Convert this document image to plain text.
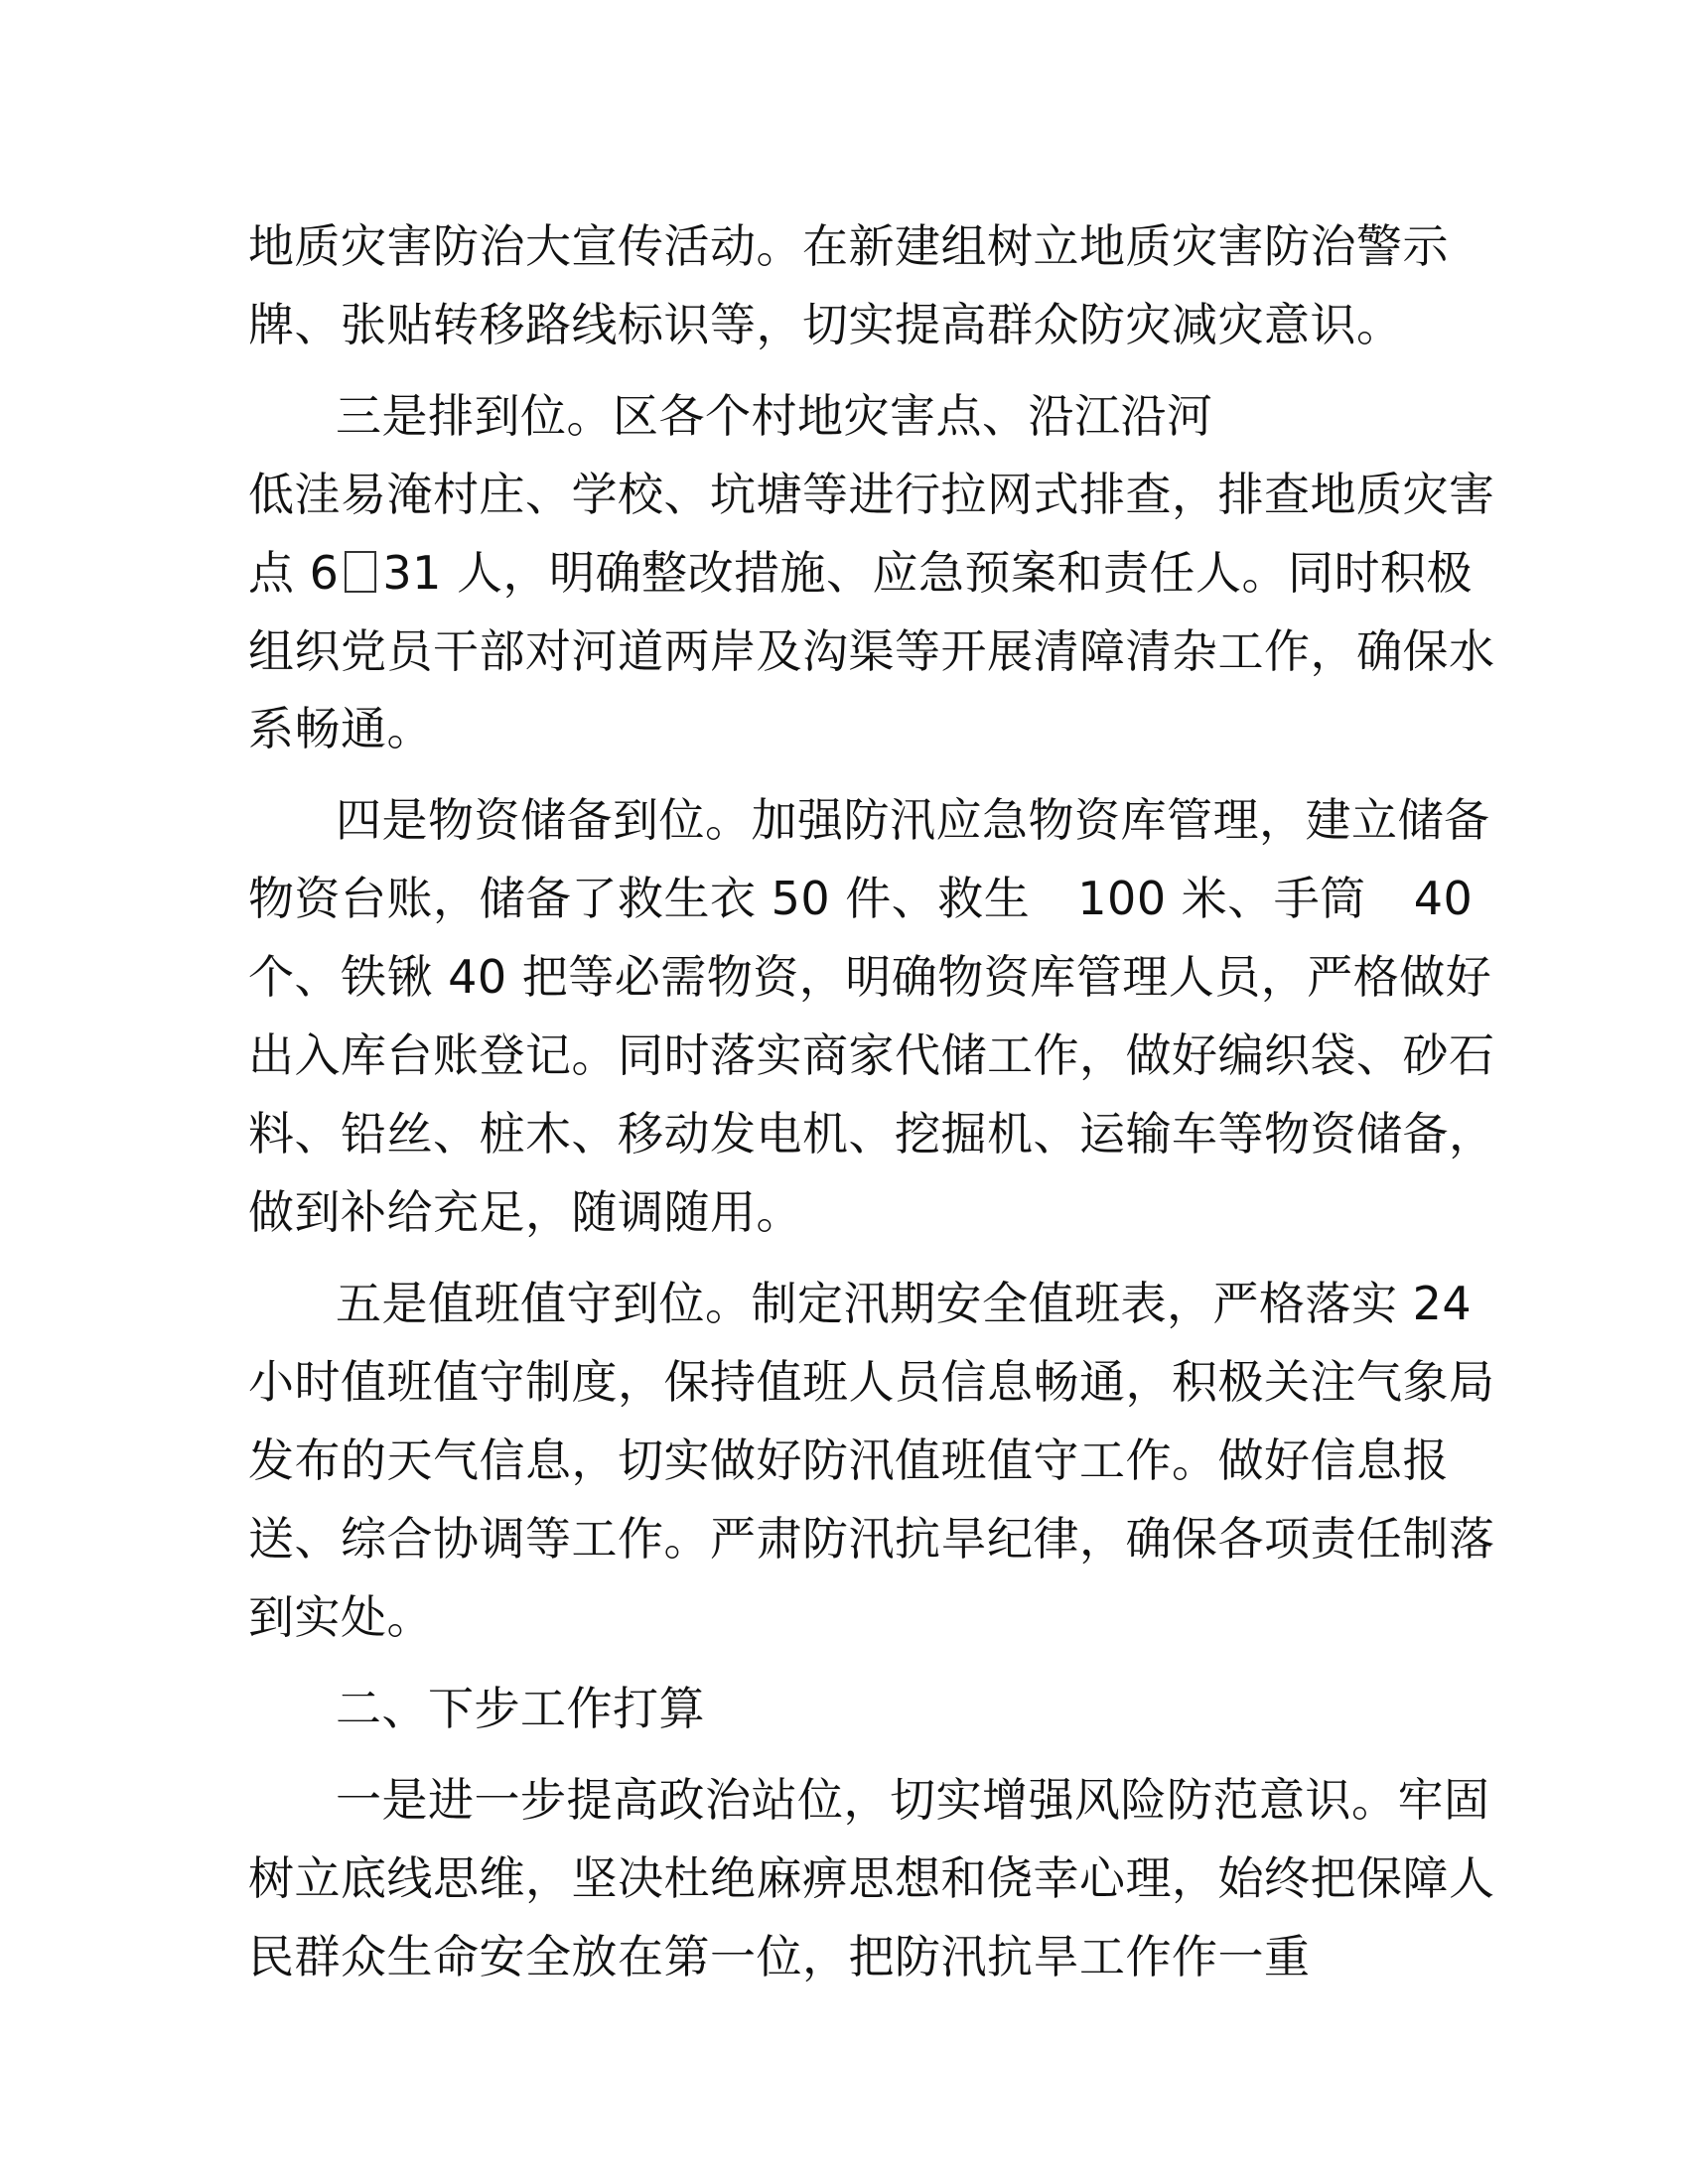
地质灾害防治大宣传活动。在新建组树立地质灾害防治警示
牌、张贴转移路线标识等，切实提高群众防灾减灾意识。
三是排到位。区各个村地灾害点、沿江沿河
低洼易淹村庄、学校、坑塘等进行拉网式排查，排查地质灾害
点 6 31 人，明确整改措施、应急预案和责任人。同时积极
组织党员干部对河道两岸及沟渠等开展清障清杂工作，确保水
系畅通。
四是物资储备到位。加强防汛应急物资库管理，建立储备
物资台账，储备了救生衣 50 件、救生 100 米、手筒 40
个、铁锹 40 把等必需物资，明确物资库管理人员，严格做好
出入库台账登记。同时落实商家代储工作，做好编织袋、砂石
料、铅丝、桩木、移动发电机、挖掘机、运输车等物资储备，
做到补给充足，随调随用。
五是值班值守到位。制定汛期安全值班表，严格落实 24
小时值班值守制度，保持值班人员信息畅通，积极关注气象局
发布的天气信息，切实做好防汛值班值守工作。做好信息报
送、综合协调等工作。严肃防汛抗旱纪律，确保各项责任制落
到实处。
二、下步工作打算
一是进一步提高政治站位，切实增强风险防范意识。牢固
树立底线思维，坚决杜绝麻痹思想和侥幸心理，始终把保障人
民群众生命安全放在第一位，把防汛抗旱工作作一重
